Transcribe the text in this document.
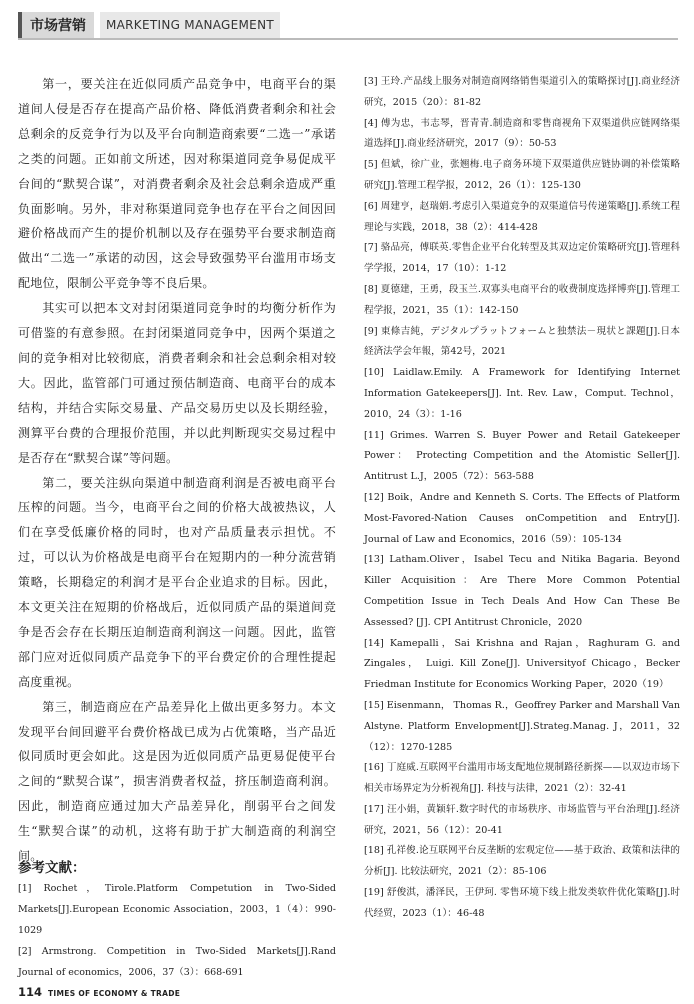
市场营销	MARKETING MANAGEMENT

第一，要关注在近似同质产品竞争中，电商平台的渠道间人侵是否存在提高产品价格、降低消费者剩余和社会总剩余的反竞争行为以及平台向制造商索要“二选一”承诺之类的问题。正如前文所述，因对称渠道同竞争易促成平台间的“默契合谋”，对消费者剩余及社会总剩余造成严重负面影响。另外，非对称渠道同竞争也存在平台之间因回避价格战而产生的提价机制以及存在强势平台要求制造商做出“二选一”承诺的动因，这会导致强势平台滥用市场支配地位，限制公平竞争等不良后果。

其实可以把本文对封闭渠道同竞争时的均衡分析作为可借鉴的有意参照。在封闭渠道同竞争中，因两个渠道之间的竞争相对比较彻底，消费者剩余和社会总剩余相对较大。因此，监管部门可通过预估制造商、电商平台的成本结构，并结合实际交易量、产品交易历史以及长期经验，测算平台费的合理报价范围，并以此判断现实交易过程中是否存在“默契合谋”等问题。

第二，要关注纵向渠道中制造商利润是否被电商平台压榨的问题。当今，电商平台之间的价格大战被热议，人们在享受低廉价格的同时，也对产品质量表示担忧。不过，可以认为价格战是电商平台在短期内的一种分流营销策略，长期稳定的利润才是平台企业追求的目标。因此，本文更关注在短期的价格战后，近似同质产品的渠道间竞争是否会存在长期压迫制造商利润这一问题。因此，监管部门应对近似同质产品竞争下的平台费定价的合理性提起高度重视。

第三，制造商应在产品差异化上做出更多努力。本文发现平台间回避平台费价格战已成为占优策略，当产品近似同质时更会如此。这是因为近似同质产品更易促使平台之间的“默契合谋”，损害消费者权益，挤压制造商利润。因此，制造商应通过加大产品差异化，削弱平台之间发生“默契合谋”的动机，这将有助于扩大制造商的利润空间。

参考文献：

[1] Rochet，Tirole.Platform Competution in Two-Sided Markets[J].European Economic Association，2003，1（4）：990-1029

[2] Armstrong. Competition in Two-Sided Markets[J].Rand Journal of economics，2006，37（3）：668-691

[3] 王玲.产品线上服务对制造商网络销售渠道引入的策略探讨[J].商业经济研究，2015（20）：81-82

[4] 傅为忠，韦志琴，晋青青.制造商和零售商视角下双渠道供应链网络渠道选择[J].商业经济研究，2017（9）：50-53

[5] 但斌，徐广业，张翘梅.电子商务环境下双渠道供应链协调的补偿策略研究[J].管理工程学报，2012，26（1）：125-130

[6] 周建亨，赵瑞娟.考虑引入渠道竞争的双渠道信号传递策略[J].系统工程理论与实践，2018，38（2）：414-428

[7] 骆品亮，傅联英.零售企业平台化转型及其双边定价策略研究[J].管理科学学报，2014，17（10）：1-12

[8] 夏德建，王勇，段玉兰.双寡头电商平台的收费制度选择博弈[J].管理工程学报，2021，35（1）：142-150

[9] 東條吉純，デジタルプラットフォームと独禁法－現状と課題[J].日本経済法学会年報，第42号，2021

[10] Laidlaw.Emily. A Framework for Identifying Internet Information Gatekeepers[J]. Int. Rev. Law，Comput. Technol，2010，24（3）：1-16

[11] Grimes. Warren S. Buyer Power and Retail Gatekeeper Power： Protecting Competition and the Atomistic Seller[J]. Antitrust L.J，2005（72）：563-588

[12] Boik，Andre and Kenneth S. Corts. The Effects of Platform Most-Favored-Nation Causes onCompetition and Entry[J]. Journal of Law and Economics，2016（59）：105-134

[13] Latham.Oliver，Isabel Tecu and Nitika Bagaria. Beyond Killer Acquisition：Are There More Common Potential Competition Issue in Tech Deals And How Can These Be Assessed? [J]. CPI Antitrust Chronicle，2020

[14] Kamepalli，Sai Krishna and Rajan，Raghuram G. and Zingales， Luigi. Kill Zone[J]. Universityof Chicago，Becker Friedman Institute for Economics Working Paper，2020（19）

[15] Eisenmann， Thomas R.，Geoffrey Parker and Marshall Van Alstyne. Platform Envelopment[J].Strateg.Manag. J，2011，32（12）：1270-1285

[16] 丁庭威.互联网平台滥用市场支配地位规制路径新探——以双边市场下相关市场界定为分析视角[J]. 科技与法律，2021（2）：32-41

[17] 汪小娟，黄颖轩.数字时代的市场秩序、市场监管与平台治理[J].经济研究，2021，56（12）：20-41

[18] 孔祥俊.论互联网平台反垄断的宏观定位——基于政治、政策和法律的分析[J]. 比较法研究，2021（2）：85-106

[19] 舒俊淇，潘泽民，王伊珂. 零售环境下线上批发类软件优化策略[J].时代经贸，2023（1）：46-48

114 TIMES OF ECONOMY & TRADE
